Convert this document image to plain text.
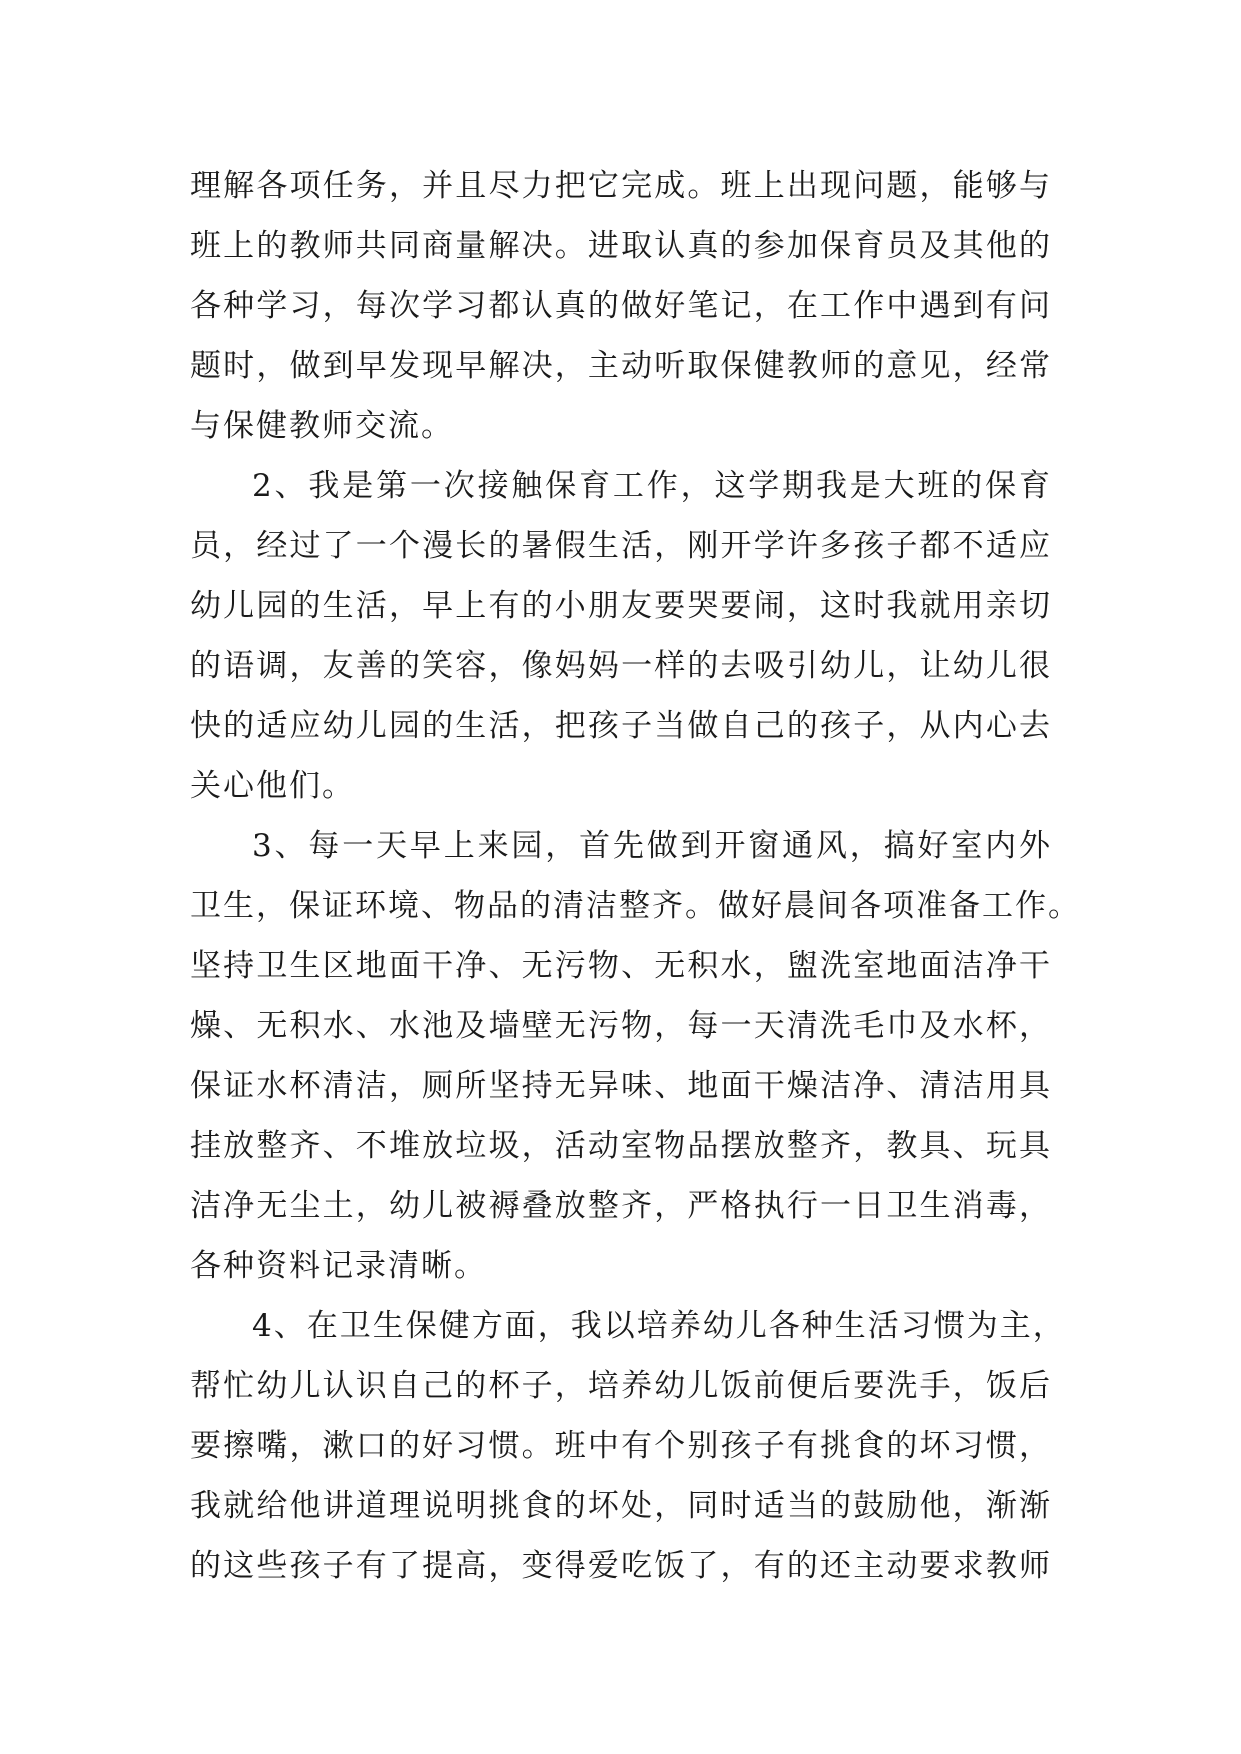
理解各项任务，并且尽力把它完成。班上出现问题，能够与
班上的教师共同商量解决。进取认真的参加保育员及其他的
各种学习，每次学习都认真的做好笔记，在工作中遇到有问
题时，做到早发现早解决，主动听取保健教师的意见，经常
与保健教师交流。
2、我是第一次接触保育工作，这学期我是大班的保育
员，经过了一个漫长的暑假生活，刚开学许多孩子都不适应
幼儿园的生活，早上有的小朋友要哭要闹，这时我就用亲切
的语调，友善的笑容，像妈妈一样的去吸引幼儿，让幼儿很
快的适应幼儿园的生活，把孩子当做自己的孩子，从内心去
关心他们。
3、每一天早上来园，首先做到开窗通风，搞好室内外
卫生，保证环境、物品的清洁整齐。做好晨间各项准备工作。
坚持卫生区地面干净、无污物、无积水，盥洗室地面洁净干
燥、无积水、水池及墙壁无污物，每一天清洗毛巾及水杯，
保证水杯清洁，厕所坚持无异味、地面干燥洁净、清洁用具
挂放整齐、不堆放垃圾，活动室物品摆放整齐，教具、玩具
洁净无尘土，幼儿被褥叠放整齐，严格执行一日卫生消毒，
各种资料记录清晰。
4、在卫生保健方面，我以培养幼儿各种生活习惯为主，
帮忙幼儿认识自己的杯子，培养幼儿饭前便后要洗手，饭后
要擦嘴，漱口的好习惯。班中有个别孩子有挑食的坏习惯，
我就给他讲道理说明挑食的坏处，同时适当的鼓励他，渐渐
的这些孩子有了提高，变得爱吃饭了，有的还主动要求教师
